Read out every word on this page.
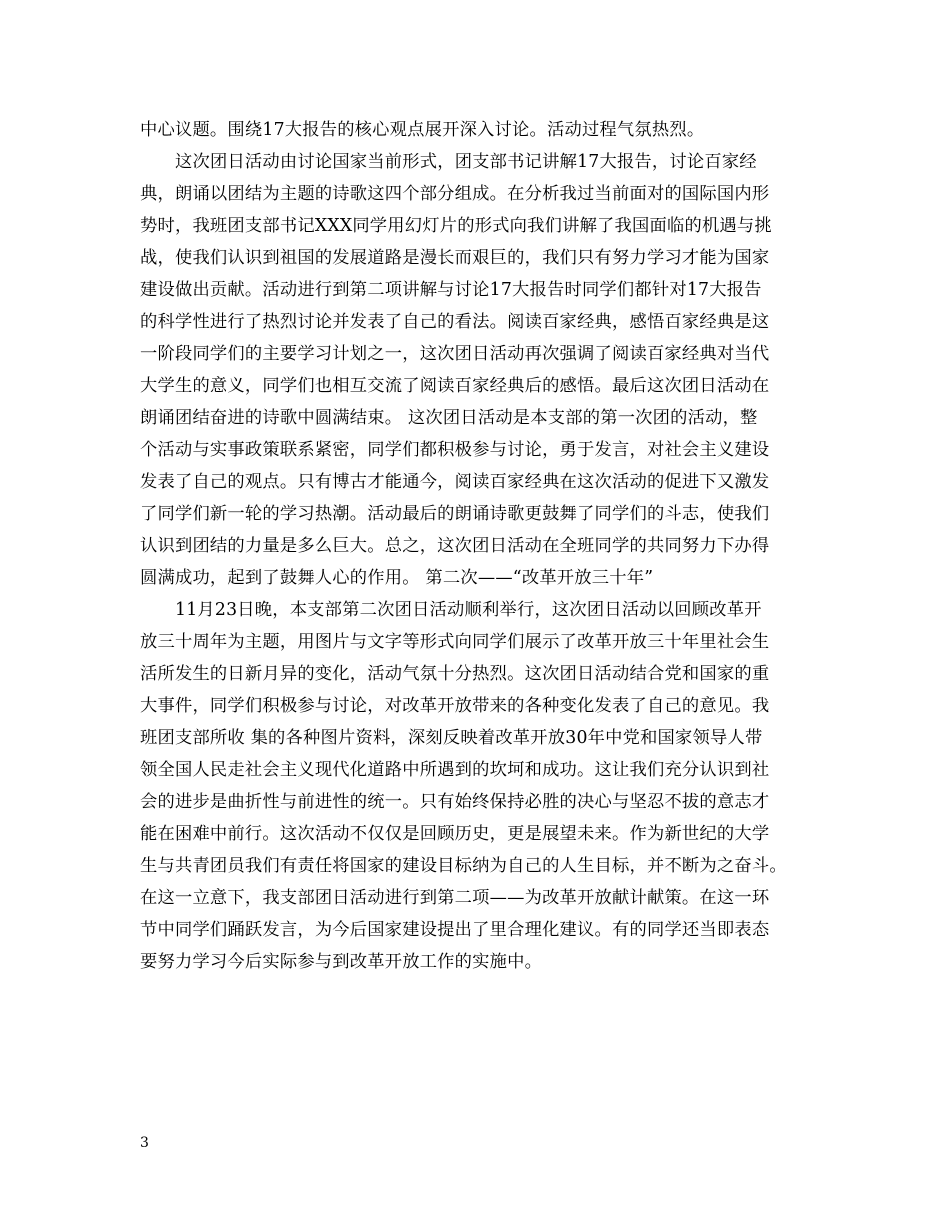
中心议题。围绕17大报告的核心观点展开深入讨论。活动过程气氛热烈。
这次团日活动由讨论国家当前形式，团支部书记讲解17大报告，讨论百家经
典，朗诵以团结为主题的诗歌这四个部分组成。在分析我过当前面对的国际国内形
势时，我班团支部书记XXX同学用幻灯片的形式向我们讲解了我国面临的机遇与挑
战，使我们认识到祖国的发展道路是漫长而艰巨的，我们只有努力学习才能为国家
建设做出贡献。活动进行到第二项讲解与讨论17大报告时同学们都针对17大报告
的科学性进行了热烈讨论并发表了自己的看法。阅读百家经典，感悟百家经典是这
一阶段同学们的主要学习计划之一，这次团日活动再次强调了阅读百家经典对当代
大学生的意义，同学们也相互交流了阅读百家经典后的感悟。最后这次团日活动在
朗诵团结奋进的诗歌中圆满结束。 这次团日活动是本支部的第一次团的活动，整
个活动与实事政策联系紧密，同学们都积极参与讨论，勇于发言，对社会主义建设
发表了自己的观点。只有博古才能通今，阅读百家经典在这次活动的促进下又激发
了同学们新一轮的学习热潮。活动最后的朗诵诗歌更鼓舞了同学们的斗志，使我们
认识到团结的力量是多么巨大。总之，这次团日活动在全班同学的共同努力下办得
圆满成功，起到了鼓舞人心的作用。 第二次——“改革开放三十年”
11月23日晚，本支部第二次团日活动顺利举行，这次团日活动以回顾改革开
放三十周年为主题，用图片与文字等形式向同学们展示了改革开放三十年里社会生
活所发生的日新月异的变化，活动气氛十分热烈。这次团日活动结合党和国家的重
大事件，同学们积极参与讨论，对改革开放带来的各种变化发表了自己的意见。我
班团支部所收 集的各种图片资料，深刻反映着改革开放30年中党和国家领导人带
领全国人民走社会主义现代化道路中所遇到的坎坷和成功。这让我们充分认识到社
会的进步是曲折性与前进性的统一。只有始终保持必胜的决心与坚忍不拔的意志才
能在困难中前行。这次活动不仅仅是回顾历史，更是展望未来。作为新世纪的大学
生与共青团员我们有责任将国家的建设目标纳为自己的人生目标，并不断为之奋斗。
在这一立意下，我支部团日活动进行到第二项——为改革开放献计献策。在这一环
节中同学们踊跃发言，为今后国家建设提出了里合理化建议。有的同学还当即表态
要努力学习今后实际参与到改革开放工作的实施中。
3
